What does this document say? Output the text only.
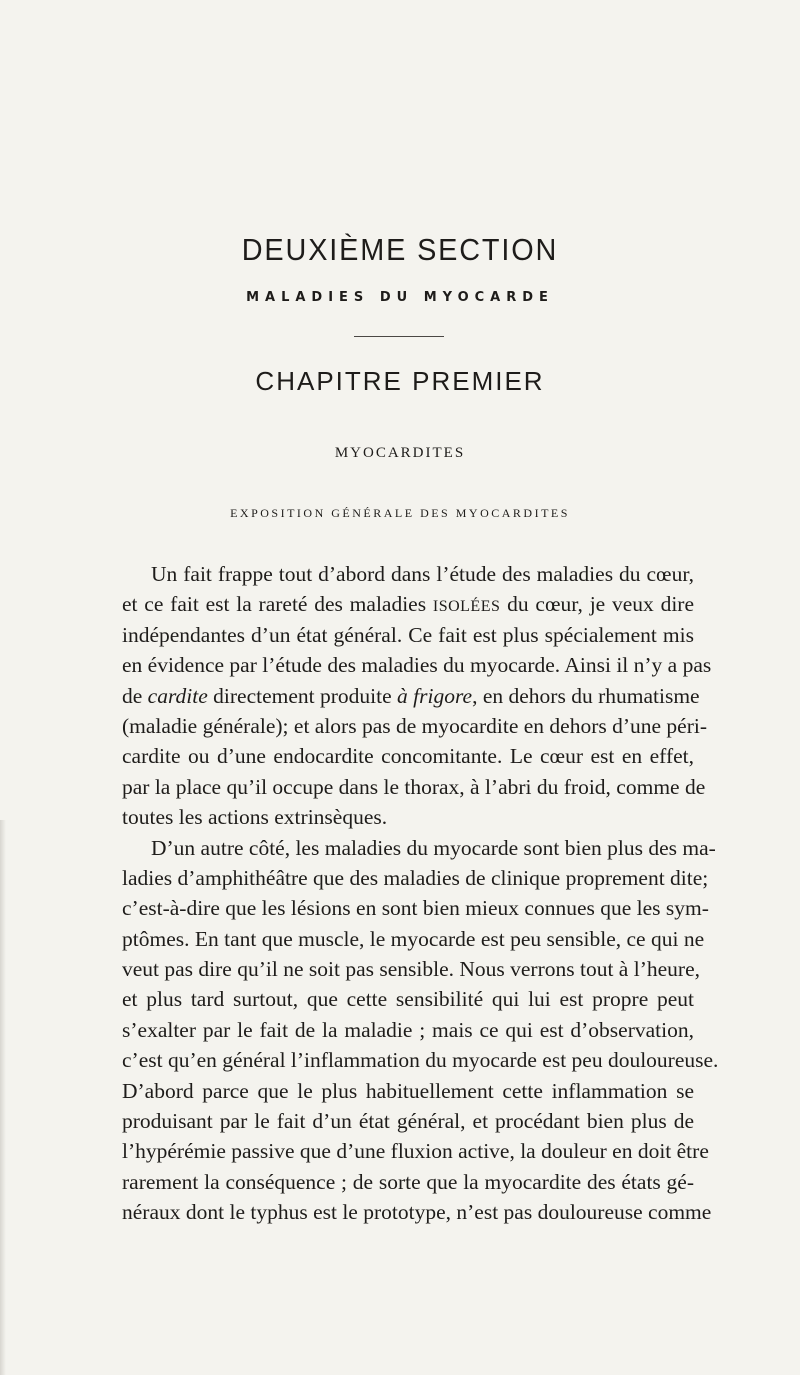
DEUXIÈME SECTION
MALADIES DU MYOCARDE
CHAPITRE PREMIER
MYOCARDITES
EXPOSITION GÉNÉRALE DES MYOCARDITES
Un fait frappe tout d’abord dans l’étude des maladies du cœur,
et ce fait est la rareté des maladies ISOLÉES du cœur, je veux dire
indépendantes d’un état général. Ce fait est plus spécialement mis
en évidence par l’étude des maladies du myocarde. Ainsi il n’y a pas
de cardite directement produite à frigore, en dehors du rhumatisme
(maladie générale); et alors pas de myocardite en dehors d’une péri-
cardite ou d’une endocardite concomitante. Le cœur est en effet,
par la place qu’il occupe dans le thorax, à l’abri du froid, comme de
toutes les actions extrinsèques.
D’un autre côté, les maladies du myocarde sont bien plus des ma-
ladies d’amphithéâtre que des maladies de clinique proprement dite;
c’est-à-dire que les lésions en sont bien mieux connues que les sym-
ptômes. En tant que muscle, le myocarde est peu sensible, ce qui ne
veut pas dire qu’il ne soit pas sensible. Nous verrons tout à l’heure,
et plus tard surtout, que cette sensibilité qui lui est propre peut
s’exalter par le fait de la maladie ; mais ce qui est d’observation,
c’est qu’en général l’inflammation du myocarde est peu douloureuse.
D’abord parce que le plus habituellement cette inflammation se
produisant par le fait d’un état général, et procédant bien plus de
l’hypérémie passive que d’une fluxion active, la douleur en doit être
rarement la conséquence ; de sorte que la myocardite des états gé-
néraux dont le typhus est le prototype, n’est pas douloureuse comme
